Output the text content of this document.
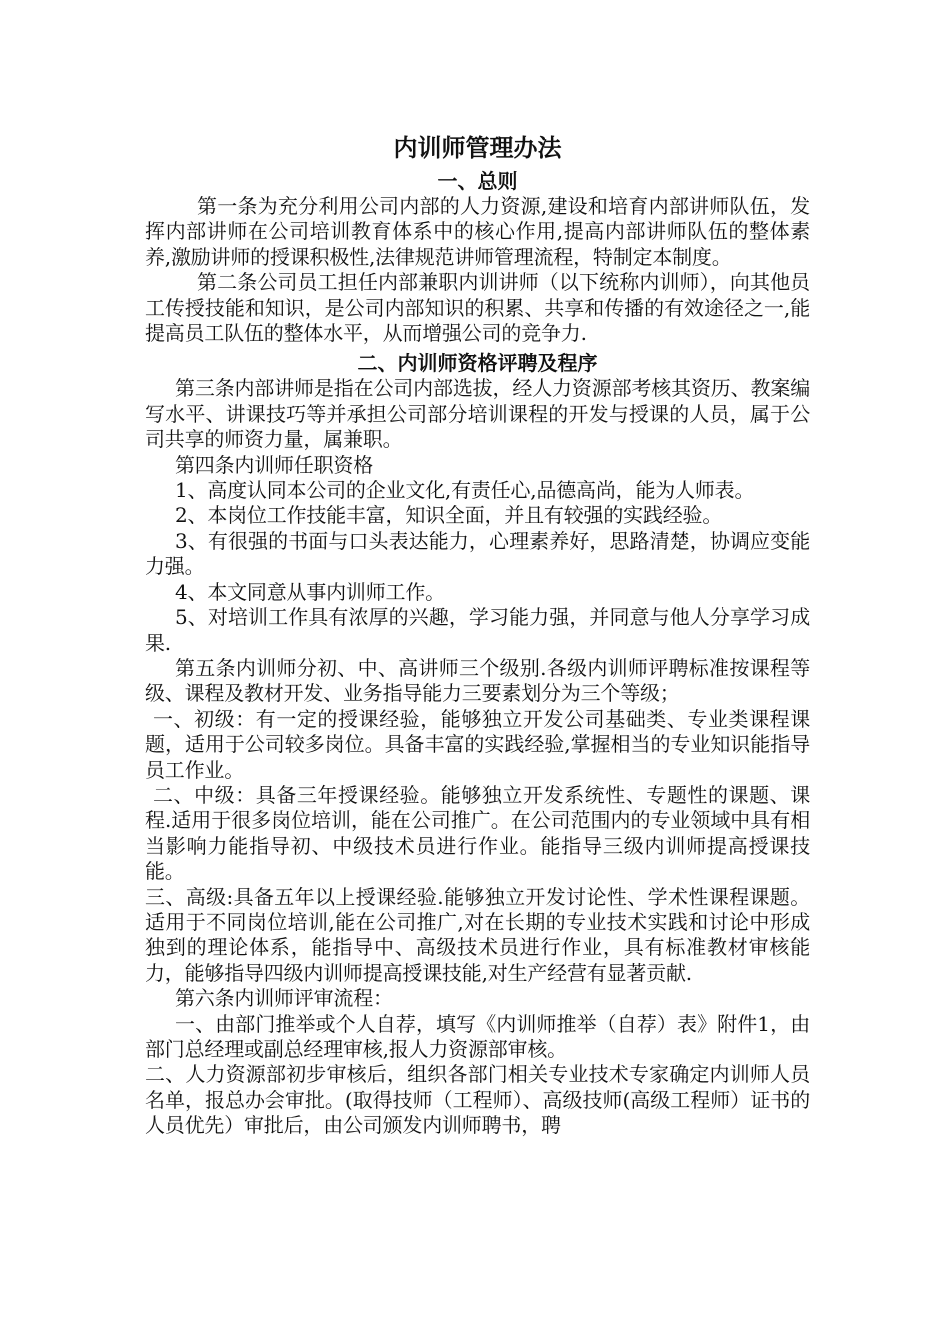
内训师管理办法
一、总则

第一条为充分利用公司内部的人力资源,建设和培育内部讲师队伍，发挥内部讲师在公司培训教育体系中的核心作用,提高内部讲师队伍的整体素养,激励讲师的授课积极性,法律规范讲师管理流程，特制定本制度。

第二条公司员工担任内部兼职内训讲师（以下统称内训师），向其他员工传授技能和知识，是公司内部知识的积累、共享和传播的有效途径之一,能提高员工队伍的整体水平，从而增强公司的竞争力.

二、内训师资格评聘及程序

第三条内部讲师是指在公司内部选拔，经人力资源部考核其资历、教案编写水平、讲课技巧等并承担公司部分培训课程的开发与授课的人员，属于公司共享的师资力量，属兼职。

第四条内训师任职资格

1、高度认同本公司的企业文化,有责任心,品德高尚，能为人师表。

2、本岗位工作技能丰富，知识全面，并且有较强的实践经验。

3、有很强的书面与口头表达能力，心理素养好，思路清楚，协调应变能力强。

4、本文同意从事内训师工作。

5、对培训工作具有浓厚的兴趣，学习能力强，并同意与他人分享学习成果.

第五条内训师分初、中、高讲师三个级别.各级内训师评聘标准按课程等级、课程及教材开发、业务指导能力三要素划分为三个等级；

一、初级：有一定的授课经验，能够独立开发公司基础类、专业类课程课题，适用于公司较多岗位。具备丰富的实践经验,掌握相当的专业知识能指导员工作业。

二、中级：具备三年授课经验。能够独立开发系统性、专题性的课题、课程.适用于很多岗位培训，能在公司推广。在公司范围内的专业领域中具有相当影响力能指导初、中级技术员进行作业。能指导三级内训师提高授课技能。

三、高级:具备五年以上授课经验.能够独立开发讨论性、学术性课程课题。适用于不同岗位培训,能在公司推广,对在长期的专业技术实践和讨论中形成独到的理论体系，能指导中、高级技术员进行作业，具有标准教材审核能力，能够指导四级内训师提高授课技能,对生产经营有显著贡献.

第六条内训师评审流程：

一、由部门推举或个人自荐，填写《内训师推举（自荐）表》附件1，由部门总经理或副总经理审核,报人力资源部审核。

二、人力资源部初步审核后，组织各部门相关专业技术专家确定内训师人员名单，报总办会审批。(取得技师（工程师）、高级技师(高级工程师）证书的人员优先）审批后，由公司颁发内训师聘书，聘
